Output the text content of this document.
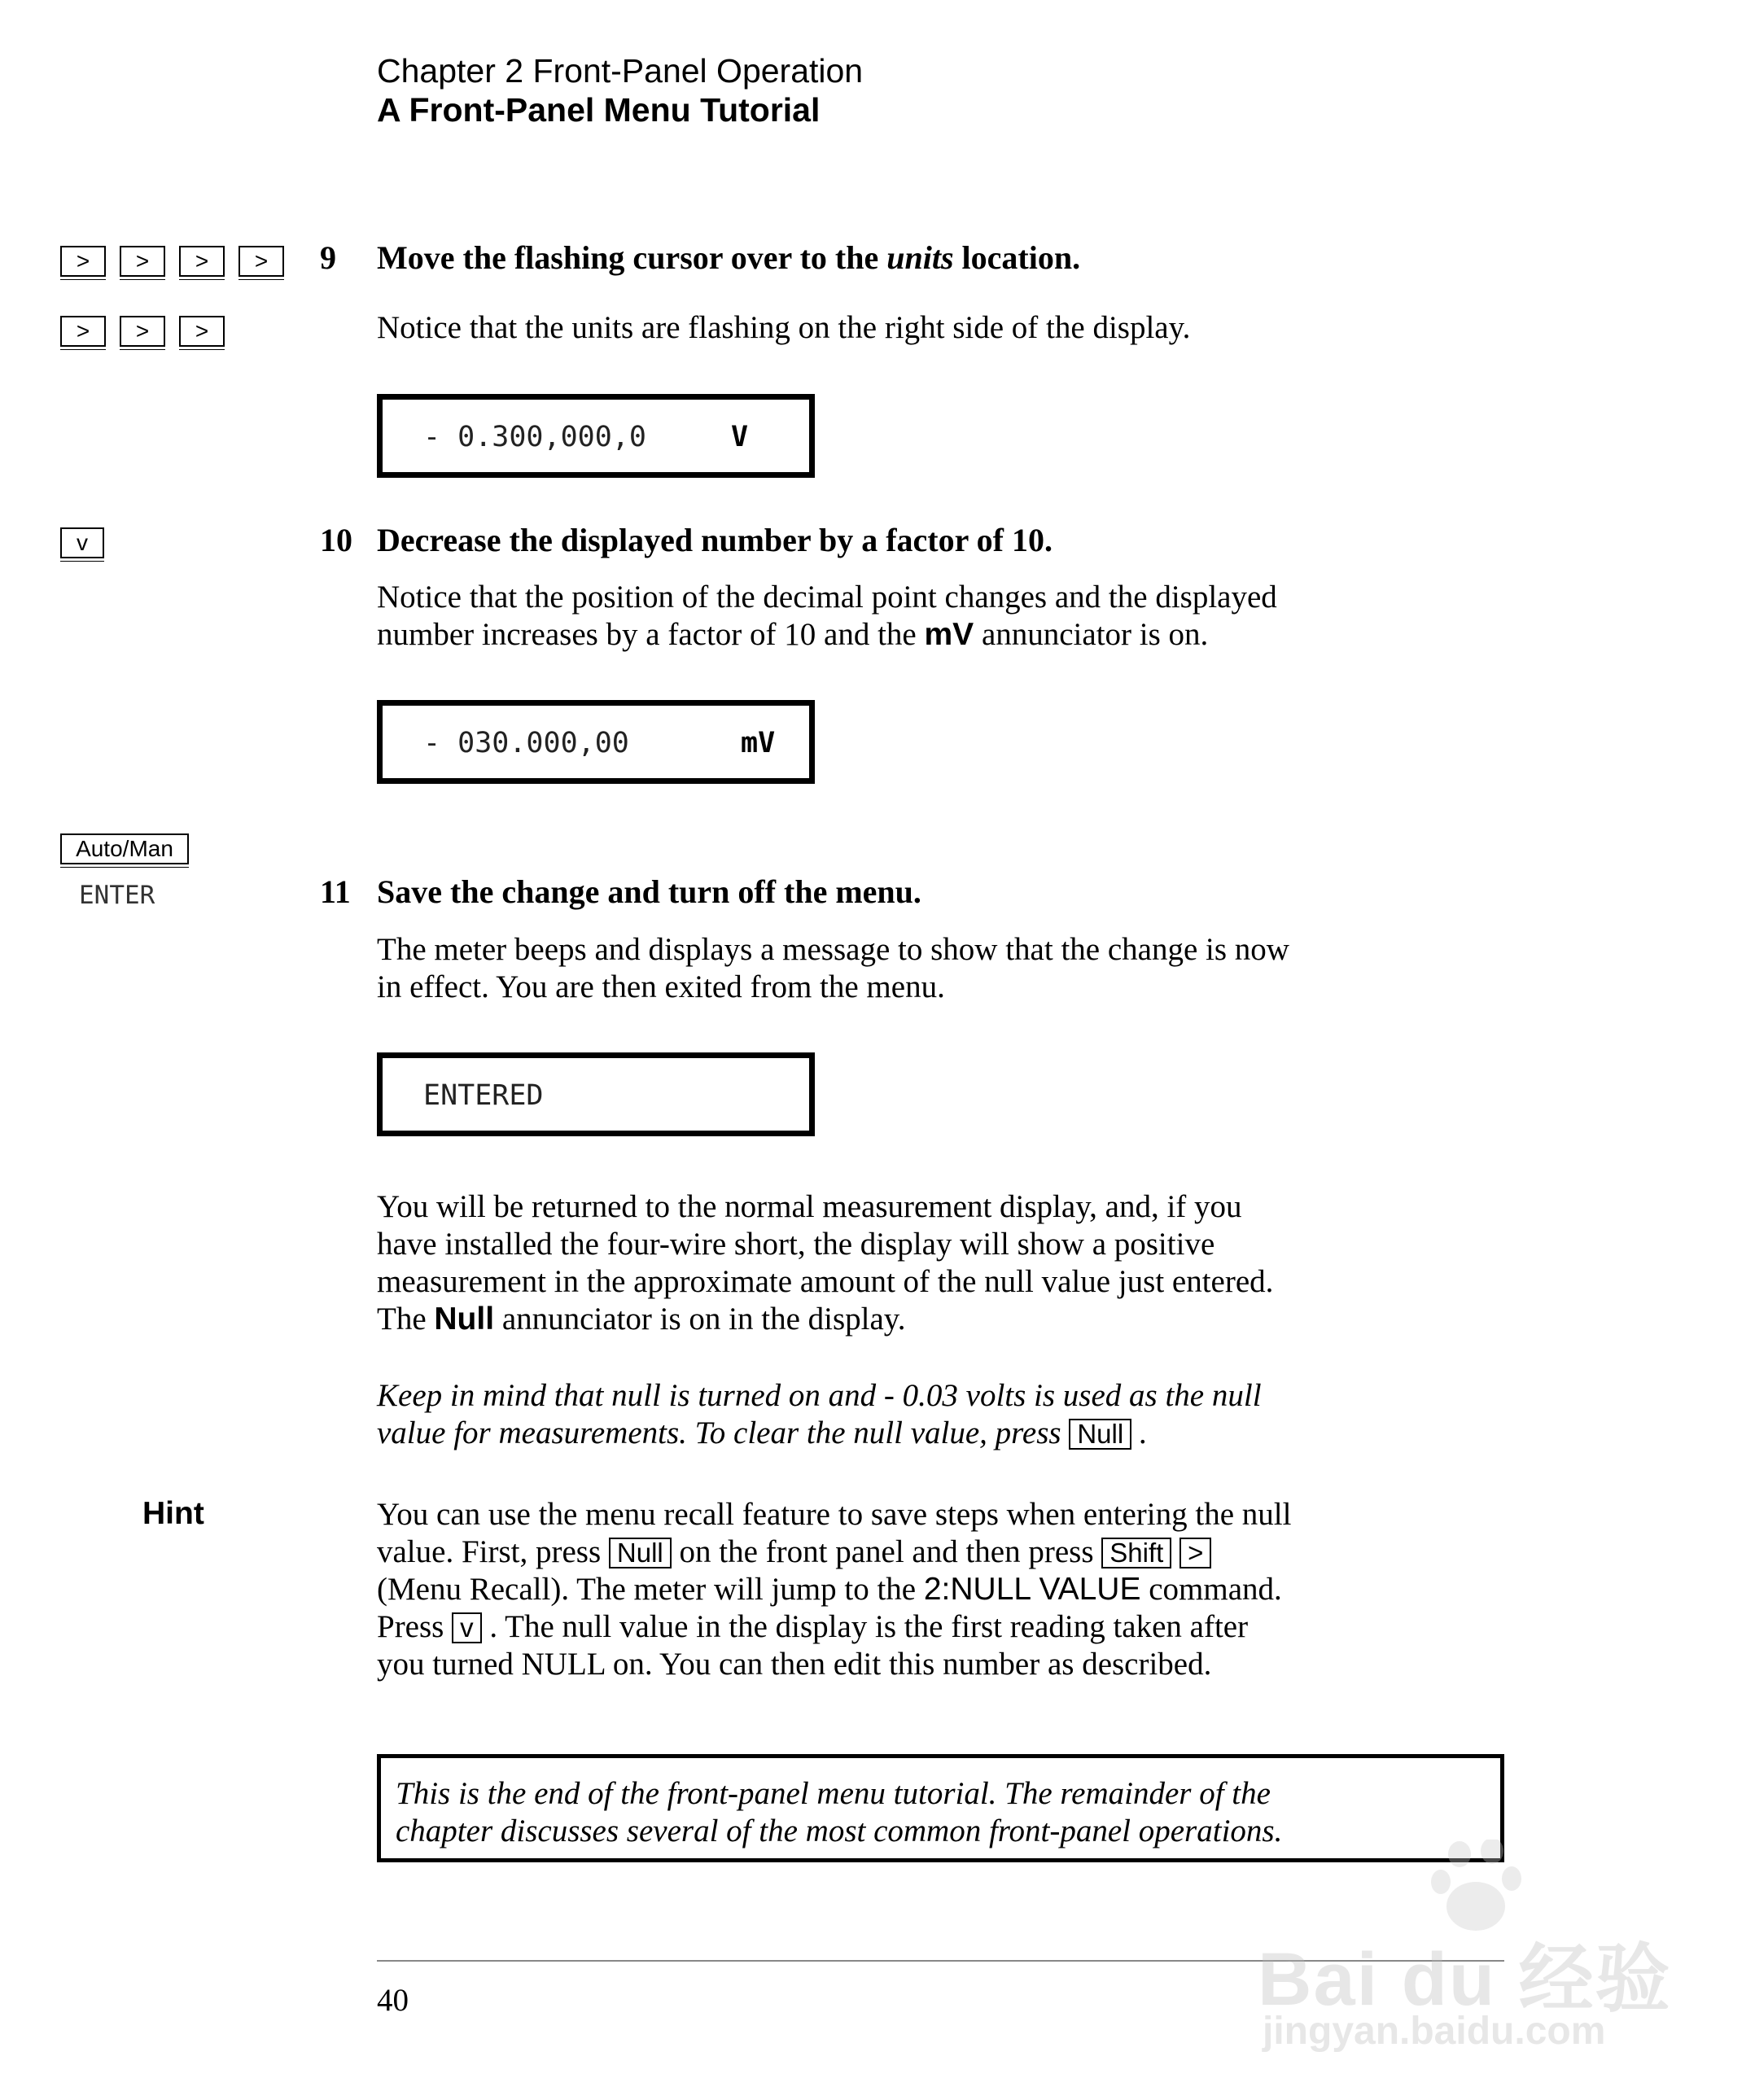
Chapter 2 Front-Panel Operation
A Front-Panel Menu Tutorial
>	>	>	>
>	>	>
9 Move the flashing cursor over to the units location.
Notice that the units are flashing on the right side of the display.
- 0.300,000,0	V
v	10 Decrease the displayed number by a factor of 10.
Notice that the position of the decimal point changes and the displayed
number increases by a factor of 10 and the mV annunciator is on.
- 030.000,00	mV
Auto/Man
ENTER	11 Save the change and turn off the menu.
The meter beeps and displays a message to show that the change is now
in effect. You are then exited from the menu.
ENTERED
You will be returned to the normal measurement display, and, if you
have installed the four-wire short, the display will show a positive
measurement in the approximate amount of the null value just entered.
The Null annunciator is on in the display.
Keep in mind that null is turned on and - 0.03 volts is used as the null
value for measurements. To clear the null value, press Null .
Hint	You can use the menu recall feature to save steps when entering the null
value. First, press Null on the front panel and then press Shift >
(Menu Recall). The meter will jump to the 2:NULL VALUE command.
Press v . The null value in the display is the first reading taken after
you turned NULL on. You can then edit this number as described.
This is the end of the front-panel menu tutorial. The remainder of the
chapter discusses several of the most common front-panel operations.
40	Bai du 经验
jingyan.baidu.com
